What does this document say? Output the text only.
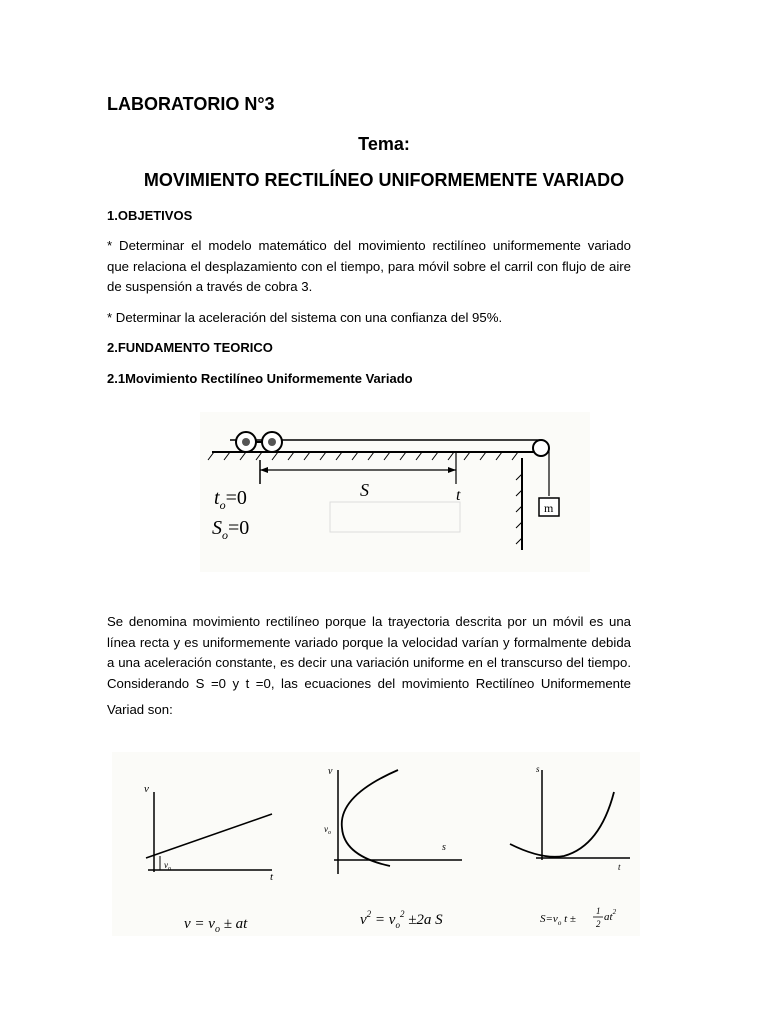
LABORATORIO N°3
Tema:
MOVIMIENTO RECTILÍNEO UNIFORMEMENTE VARIADO
1.OBJETIVOS
* Determinar el modelo matemático del movimiento rectilíneo uniformemente variado
que relaciona el desplazamiento con el tiempo, para móvil sobre el carril con flujo de aire
de suspensión a través de cobra 3.
* Determinar la aceleración del sistema con una confianza del 95%.
2.FUNDAMENTO TEORICO
2.1Movimiento Rectilíneo Uniformemente Variado
m
S	t
$t_o=0$
$S_o=0$
Se denomina movimiento rectilíneo porque la trayectoria descrita por un móvil es una
línea recta y es uniformemente variado porque la velocidad varían y formalmente debida
a una aceleración constante, es decir una variación uniforme en el transcurso del tiempo.
Considerando S =0 y t =0, las ecuaciones del movimiento Rectilíneo Uniformemente
Variad son:
v
t
$v_o$
$v = v_o$ ± at
v
s
$v_o$
$v^2 = v_o^2 \pm 2a$ S
s
t
$S=v_o$ t ±
1
2
$at^2$
